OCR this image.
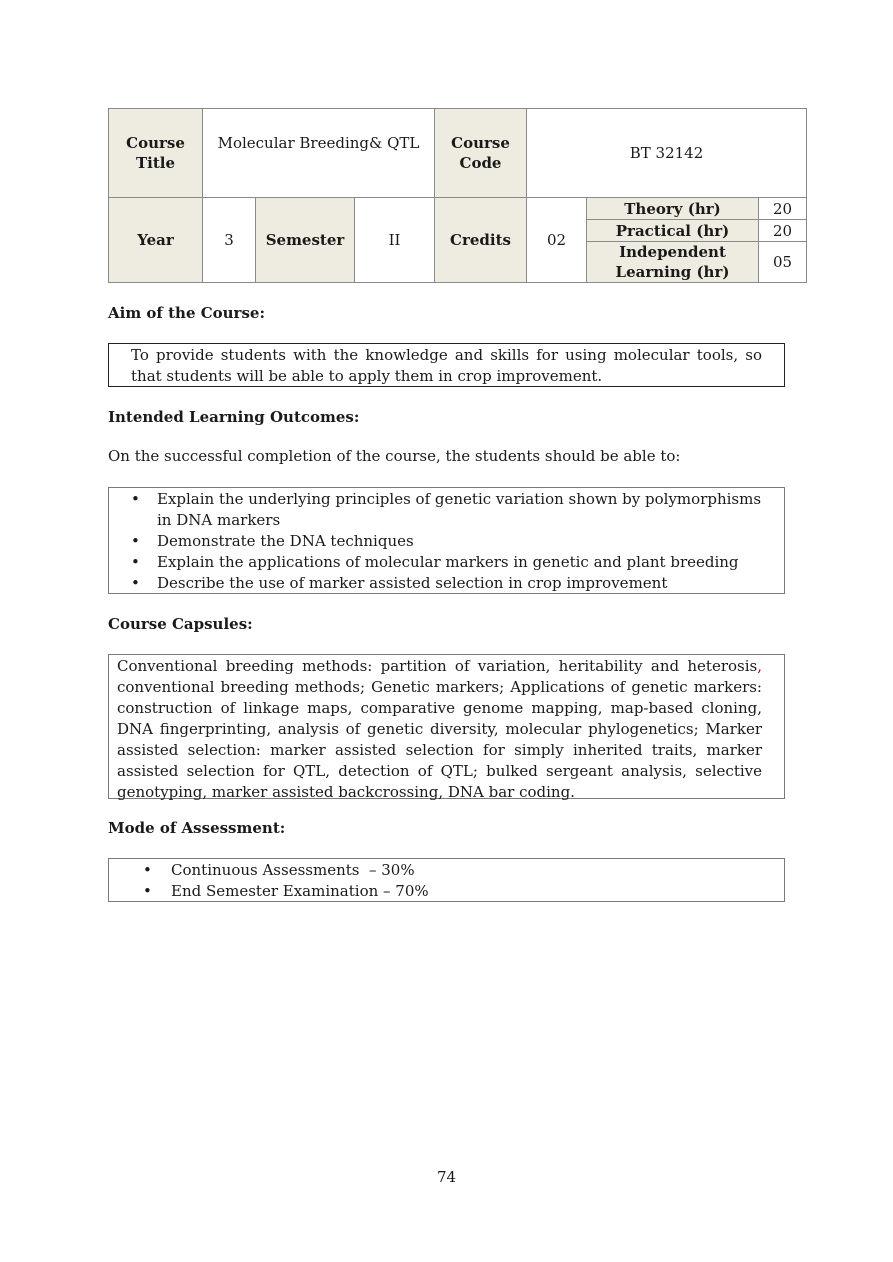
Course Title	Molecular Breeding& QTL			Course Code	BT 32142		
Year	3	Semester	II	Credits	02	Theory (hr)	20
						Practical (hr)	20
						Independent Learning (hr)	05
Aim of the Course:
To provide students with the knowledge and skills for using molecular tools, so that students will be able to apply them in crop improvement.
Intended Learning Outcomes:
On the successful completion of the course, the students should be able to:
• Explain the underlying principles of genetic variation shown by polymorphisms in DNA markers
• Demonstrate the DNA techniques
• Explain the applications of molecular markers in genetic and plant breeding
• Describe the use of marker assisted selection in crop improvement
Course Capsules:
Conventional breeding methods: partition of variation, heritability and heterosis, conventional breeding methods; Genetic markers; Applications of genetic markers: construction of linkage maps, comparative genome mapping, map-based cloning, DNA fingerprinting, analysis of genetic diversity, molecular phylogenetics; Marker assisted selection: marker assisted selection for simply inherited traits, marker assisted selection for QTL, detection of QTL; bulked sergeant analysis, selective genotyping, marker assisted backcrossing, DNA bar coding.
Mode of Assessment:
• Continuous Assessments  – 30%
• End Semester Examination – 70%
74
